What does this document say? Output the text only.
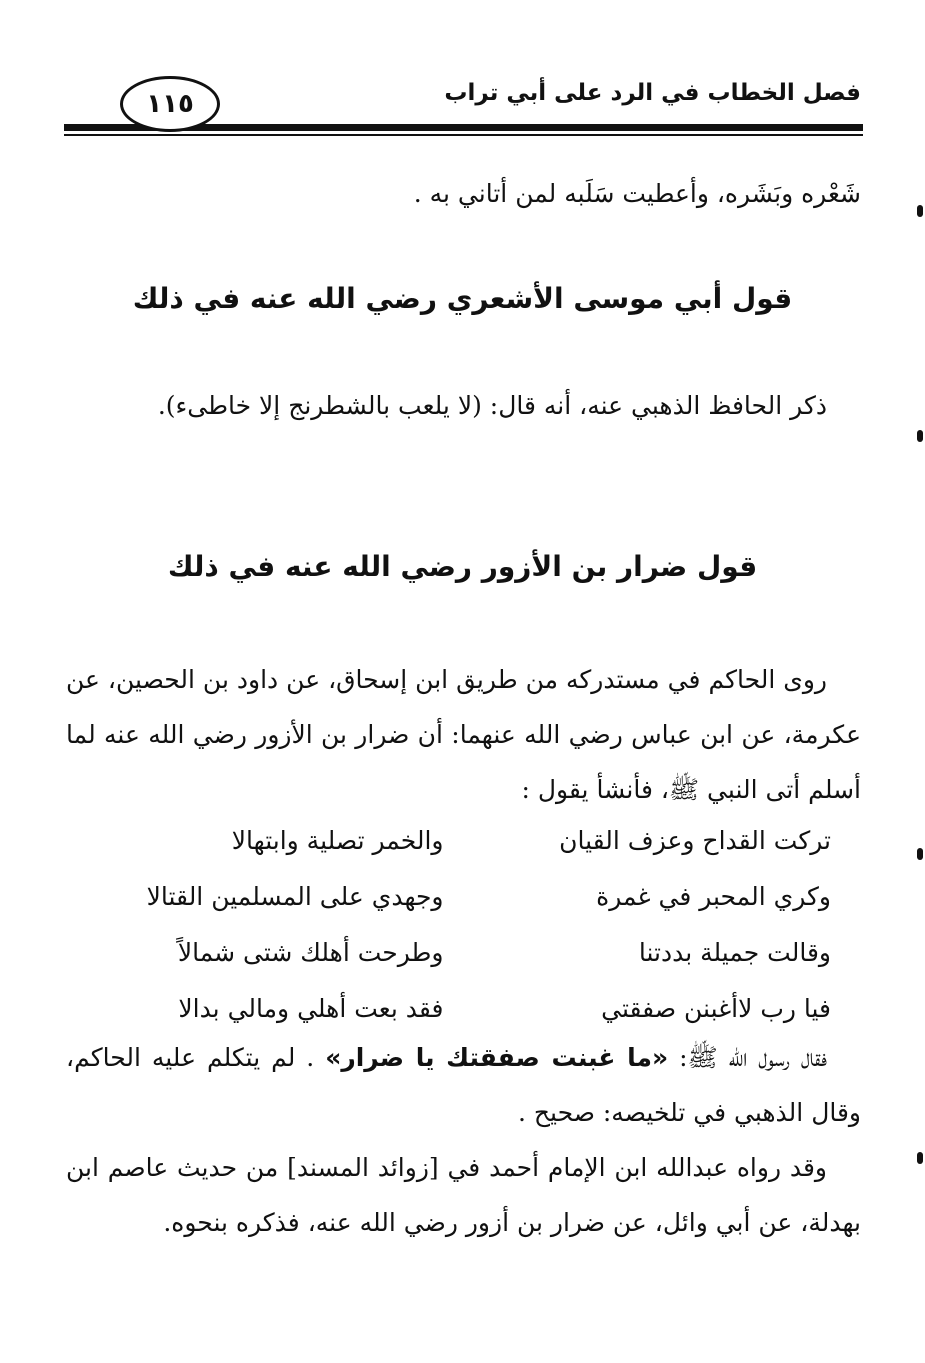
فصل الخطاب في الرد على أبي تراب
١١٥
شَعْره وبَشَره، وأعطيت سَلَبه لمن أتاني به .
قول أبي موسى الأشعري رضي الله عنه في ذلك
ذكر الحافظ الذهبي عنه، أنه قال: (لا يلعب بالشطرنج إلا خاطىء).
قول ضرار بن الأزور رضي الله عنه في ذلك
روى الحاكم في مستدركه من طريق ابن إسحاق، عن داود بن الحصين، عن عكرمة، عن ابن عباس رضي الله عنهما: أن ضرار بن الأزور رضي الله عنه لما أسلم أتى النبي ﷺ، فأنشأ يقول :
تركت القداح وعزف القيان
والخمر تصلية وابتهالا
وكري المحبر في غمرة
وجهدي على المسلمين القتالا
وقالت جميلة بددتنا
وطرحت أهلك شتى شمالاً
فيا رب لاأغبنن صفقتي
فقد بعت أهلي ومالي بدالا
فقال رسول الله ﷺ: «ما غبنت صفقتك يا ضرار» . لم يتكلم عليه الحاكم، وقال الذهبي في تلخيصه: صحيح .
وقد رواه عبدالله ابن الإمام أحمد في [زوائد المسند] من حديث عاصم ابن بهدلة، عن أبي وائل، عن ضرار بن أزور رضي الله عنه، فذكره بنحوه.
